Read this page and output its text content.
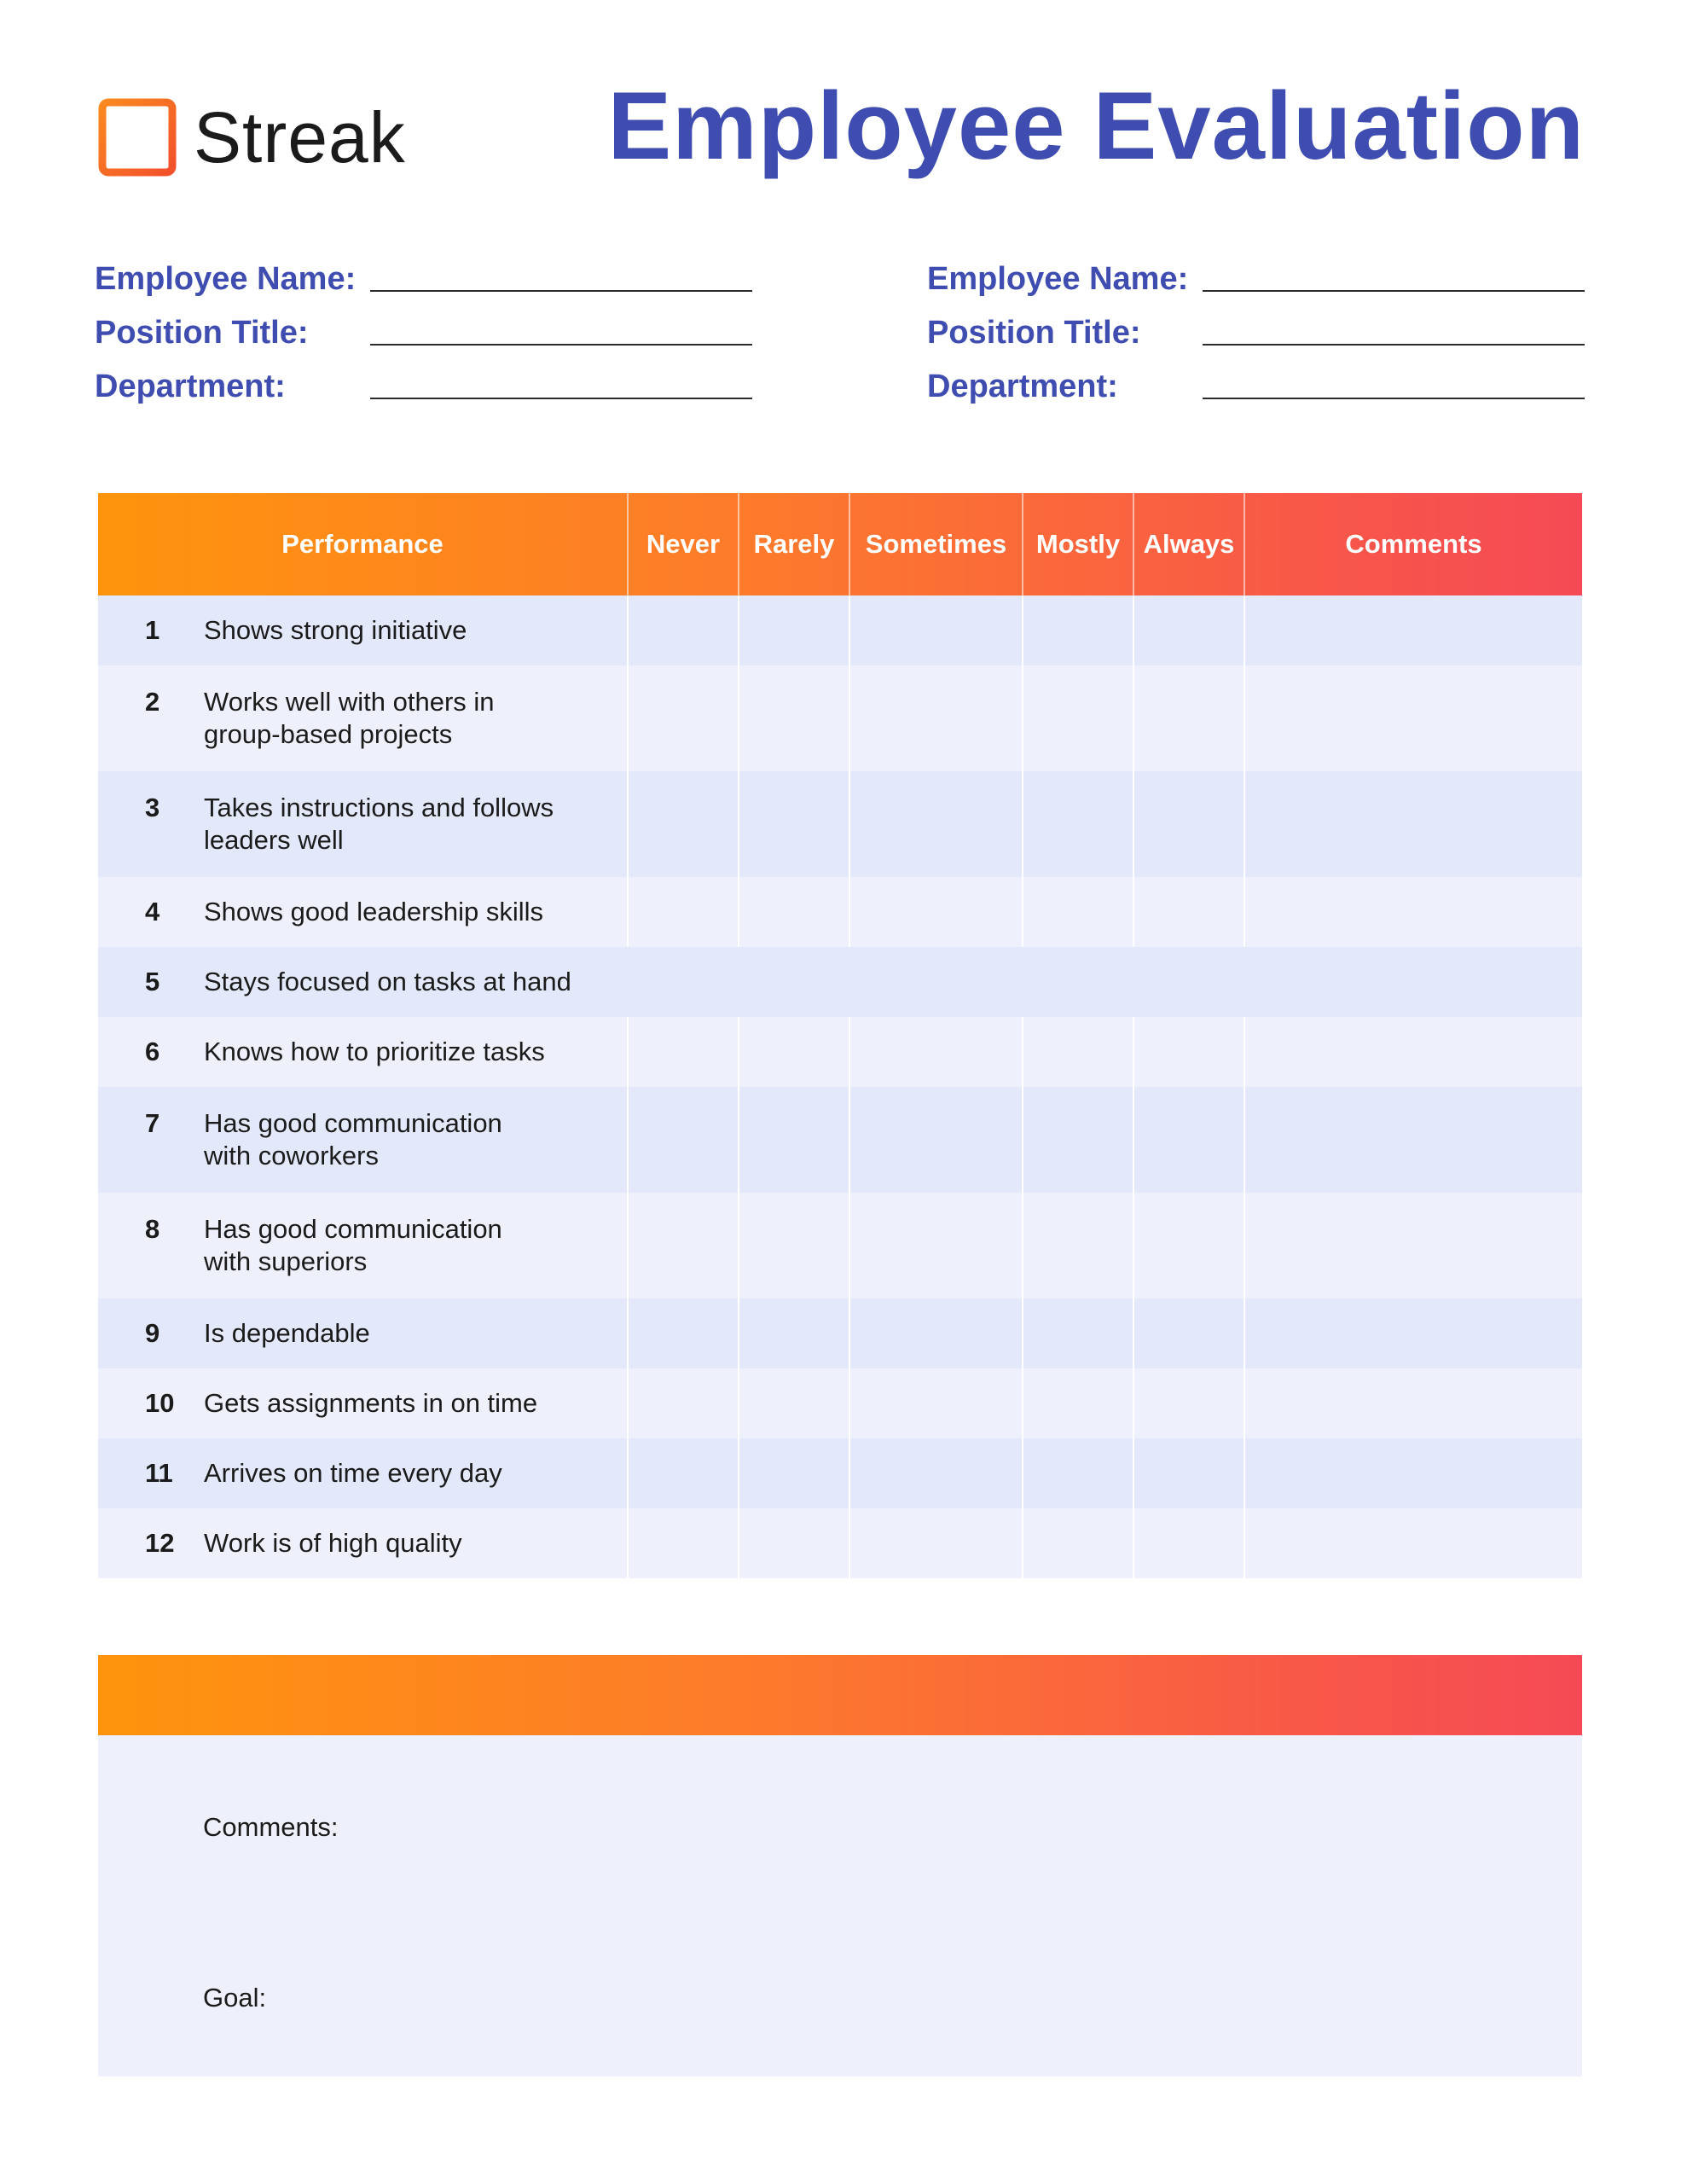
Streak Employee Evaluation
Employee Name:
Position Title:
Department:
Employee Name:
Position Title:
Department:
Performance	Never	Rarely	Sometimes	Mostly	Always	Comments

1 Shows strong initiative						

2 Works well with others in group-based projects						

3 Takes instructions and follows leaders well						

4 Shows good leadership skills						

5 Stays focused on tasks at hand						

6 Knows how to prioritize tasks						

7 Has good communication with coworkers						

8 Has good communication with superiors						

9 Is dependable						

10 Gets assignments in on time						

11 Arrives on time every day						

12 Work is of high quality						

Comments:
Goal:
